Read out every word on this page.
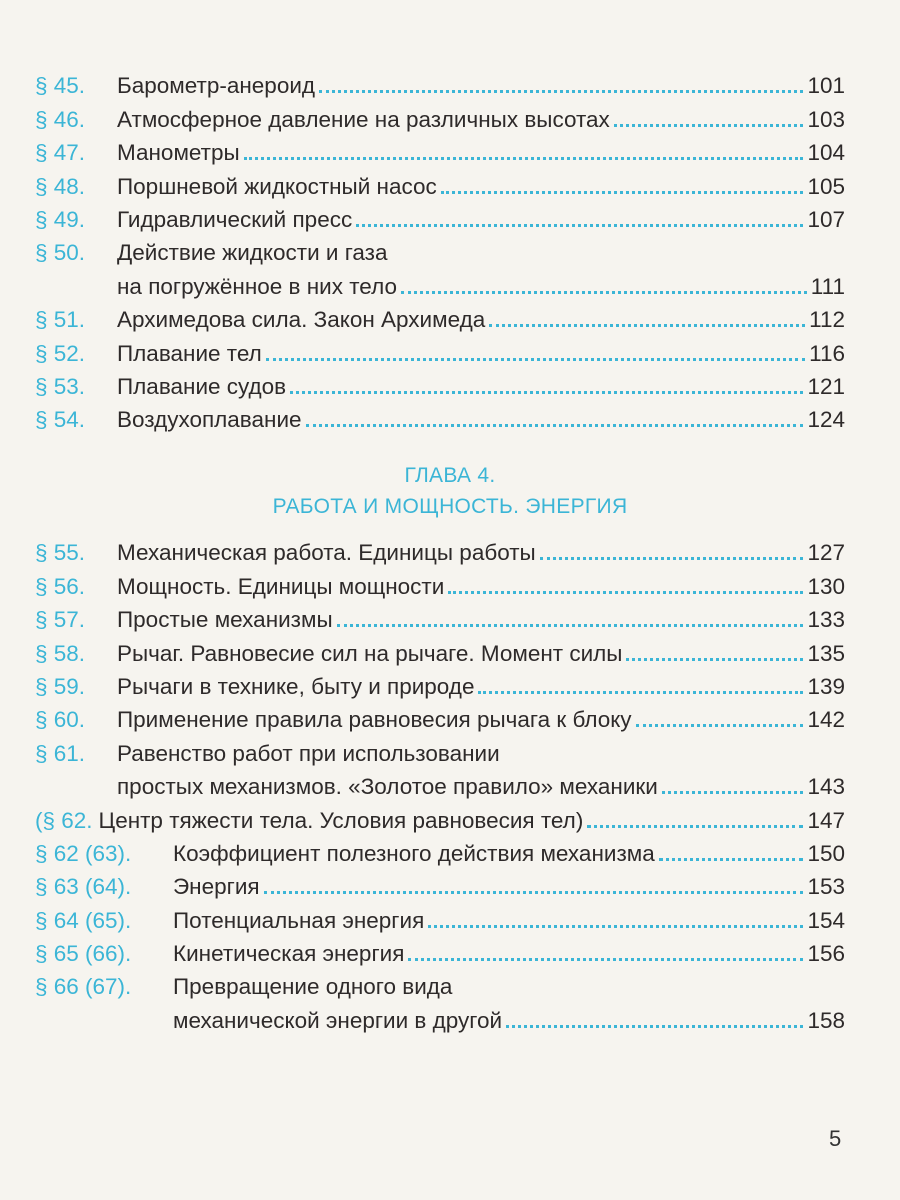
§ 45.	Барометр-анероид	101
§ 46.	Атмосферное давление на различных высотах	103
§ 47.	Манометры	104
§ 48.	Поршневой жидкостный насос	105
§ 49.	Гидравлический пресс	107
§ 50.	Действие жидкости и газа
на погружённое в них тело	111
§ 51.	Архимедова сила. Закон Архимеда	112
§ 52.	Плавание тел	116
§ 53.	Плавание судов	121
§ 54.	Воздухоплавание	124
ГЛАВА 4.
РАБОТА И МОЩНОСТЬ. ЭНЕРГИЯ
§ 55.	Механическая работа. Единицы работы	127
§ 56.	Мощность. Единицы мощности	130
§ 57.	Простые механизмы	133
§ 58.	Рычаг. Равновесие сил на рычаге. Момент силы	135
§ 59.	Рычаги в технике, быту и природе	139
§ 60.	Применение правила равновесия рычага к блоку	142
§ 61.	Равенство работ при использовании
простых механизмов. «Золотое правило» механики	143
(§ 62. Центр тяжести тела. Условия равновесия тел)	147
§ 62 (63).	Коэффициент полезного действия механизма	150
§ 63 (64).	Энергия	153
§ 64 (65).	Потенциальная энергия	154
§ 65 (66).	Кинетическая энергия	156
§ 66 (67).	Превращение одного вида
механической энергии в другой	158
5
